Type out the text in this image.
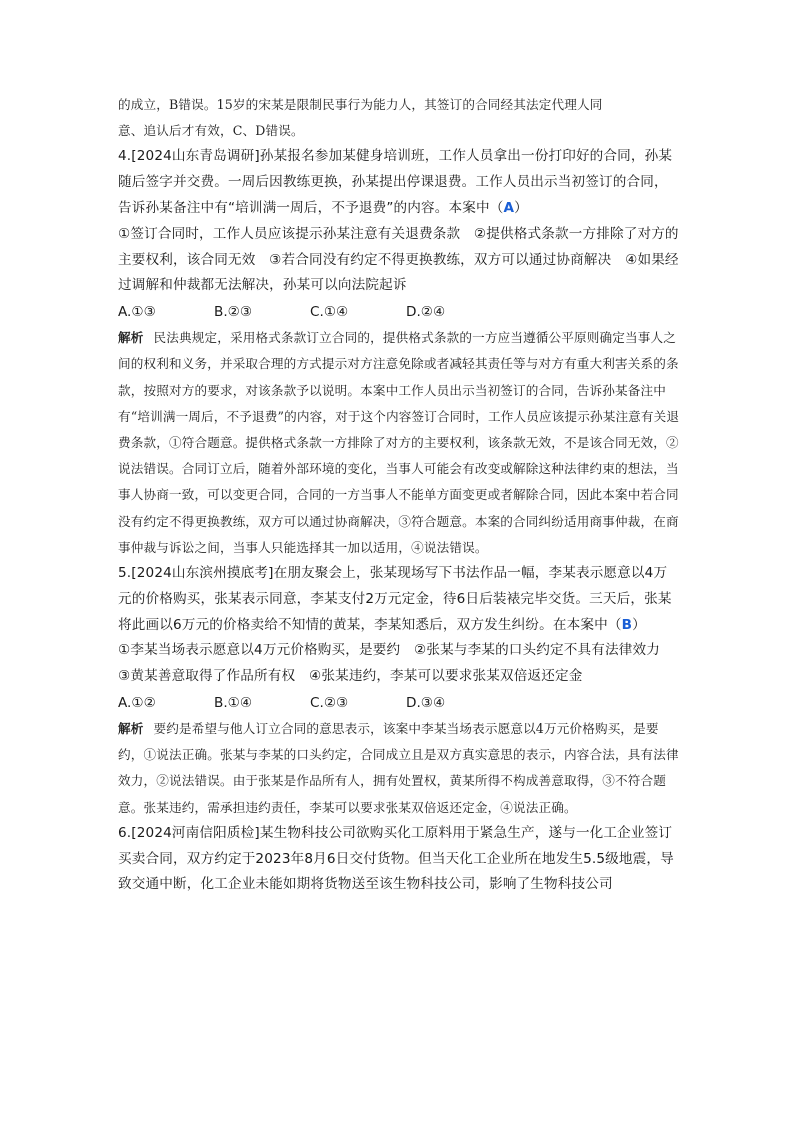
的成立，B错误。15岁的宋某是限制民事行为能力人，其签订的合同经其法定代理人同

意、追认后才有效，C、D错误。

4.[2024山东青岛调研]孙某报名参加某健身培训班，工作人员拿出一份打印好的合同，孙某随后签字并交费。一周后因教练更换，孙某提出停课退费。工作人员出示当初签订的合同，告诉孙某备注中有“培训满一周后，不予退费”的内容。本案中（A）

①签订合同时，工作人员应该提示孙某注意有关退费条款　②提供格式条款一方排除了对方的主要权利，该合同无效　③若合同没有约定不得更换教练，双方可以通过协商解决　④如果经过调解和仲裁都无法解决，孙某可以向法院起诉

A.①③	B.②③	C.①④	D.②④

解析 民法典规定，采用格式条款订立合同的，提供格式条款的一方应当遵循公平原则确定当事人之间的权利和义务，并采取合理的方式提示对方注意免除或者减轻其责任等与对方有重大利害关系的条款，按照对方的要求，对该条款予以说明。本案中工作人员出示当初签订的合同，告诉孙某备注中有“培训满一周后，不予退费”的内容，对于这个内容签订合同时，工作人员应该提示孙某注意有关退费条款，①符合题意。提供格式条款一方排除了对方的主要权利，该条款无效，不是该合同无效，②说法错误。合同订立后，随着外部环境的变化，当事人可能会有改变或解除这种法律约束的想法，当事人协商一致，可以变更合同，合同的一方当事人不能单方面变更或者解除合同，因此本案中若合同没有约定不得更换教练，双方可以通过协商解决，③符合题意。本案的合同纠纷适用商事仲裁，在商事仲裁与诉讼之间，当事人只能选择其一加以适用，④说法错误。

5.[2024山东滨州摸底考]在朋友聚会上，张某现场写下书法作品一幅，李某表示愿意以4万元的价格购买，张某表示同意，李某支付2万元定金，待6日后装裱完毕交货。三天后，张某将此画以6万元的价格卖给不知情的黄某，李某知悉后，双方发生纠纷。在本案中（B）

①李某当场表示愿意以4万元价格购买，是要约　②张某与李某的口头约定不具有法律效力　③黄某善意取得了作品所有权　④张某违约，李某可以要求张某双倍返还定金

A.①②	B.①④	C.②③	D.③④

解析 要约是希望与他人订立合同的意思表示，该案中李某当场表示愿意以4万元价格购买，是要约，①说法正确。张某与李某的口头约定，合同成立且是双方真实意思的表示，内容合法，具有法律效力，②说法错误。由于张某是作品所有人，拥有处置权，黄某所得不构成善意取得，③不符合题意。张某违约，需承担违约责任，李某可以要求张某双倍返还定金，④说法正确。

6.[2024河南信阳质检]某生物科技公司欲购买化工原料用于紧急生产，遂与一化工企业签订买卖合同，双方约定于2023年8月6日交付货物。但当天化工企业所在地发生5.5级地震，导致交通中断，化工企业未能如期将货物送至该生物科技公司，影响了生物科技公司
